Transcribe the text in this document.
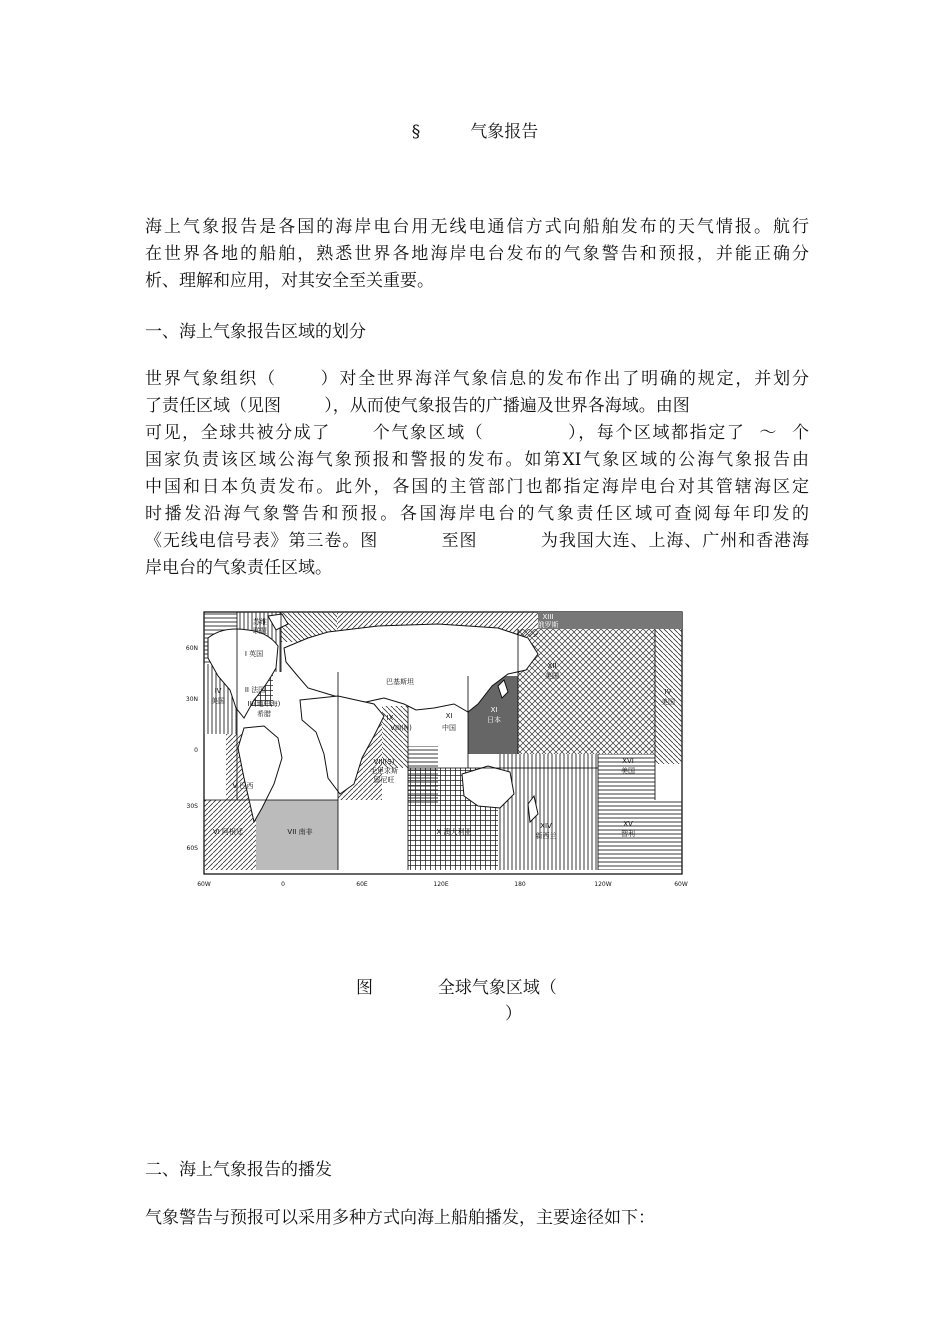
§	气象报告
海上气象报告是各国的海岸电台用无线电通信方式向船舶发布的天气情报。航行
在世界各地的船舶，熟悉世界各地海岸电台发布的气象警告和预报，并能正确分
析、理解和应用，对其安全至关重要。
一、海上气象报告区域的划分
世界气象组织（      ）对全世界海洋气象信息的发布作出了明确的规定，并划分
了责任区域（见图        ），从而使气象报告的广播遍及世界各海域。由图
可见，全球共被分成了      个气象区域（            ），每个区域都指定了  ～  个
国家负责该区域公海气象预报和警报的发布。如第XI气象区域的公海气象报告由
中国和日本负责发布。此外，各国的主管部门也都指定海岸电台对其管辖海区定
时播发沿海气象警告和预报。各国海岸电台的气象责任区域可查阅每年印发的
《无线电信号表》第三卷。图          至图          为我国大连、上海、广州和香港海
岸电台的气象责任区域。
I 英国
II 法国
III(地中海)
希腊
IV
美国
IV
美国
V 巴西
VI 阿根廷	VII 南非
VIII(S)
毛里求斯
留尼旺
VIII(N)
IX
巴基斯坦
X 澳大利亚
XI
中国
XI
日本
XII
美国
XIII
俄罗斯
苏维
联盟
XIV
新西兰
XV
智利
XVI
美国
60N
30N
0
30S
60S
60W	0	60E	120E	180	120W	60W
图            全球气象区域（
）
二、海上气象报告的播发
气象警告与预报可以采用多种方式向海上船舶播发，主要途径如下：
